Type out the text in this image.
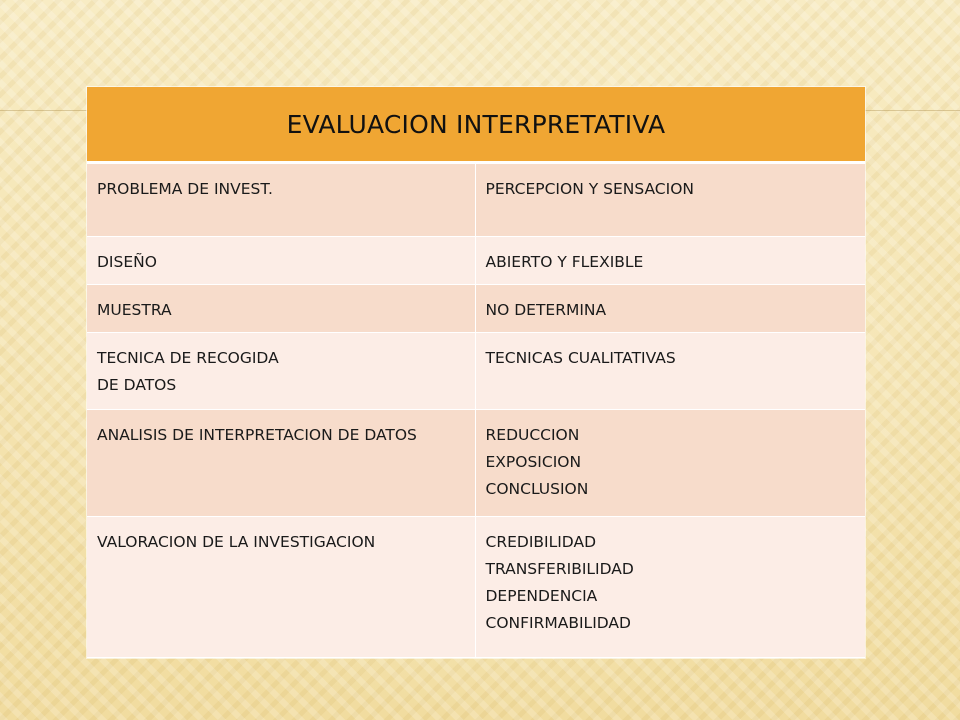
EVALUACION INTERPRETATIVA	

PROBLEMA DE INVEST.	PERCEPCION Y SENSACION

DISEÑO	ABIERTO Y FLEXIBLE

MUESTRA	NO DETERMINA

TECNICA DE RECOGIDA
DE DATOS	TECNICAS CUALITATIVAS

ANALISIS DE INTERPRETACION DE DATOS	REDUCCION
EXPOSICION
CONCLUSION

VALORACION DE LA INVESTIGACION	CREDIBILIDAD
TRANSFERIBILIDAD
DEPENDENCIA
CONFIRMABILIDAD
